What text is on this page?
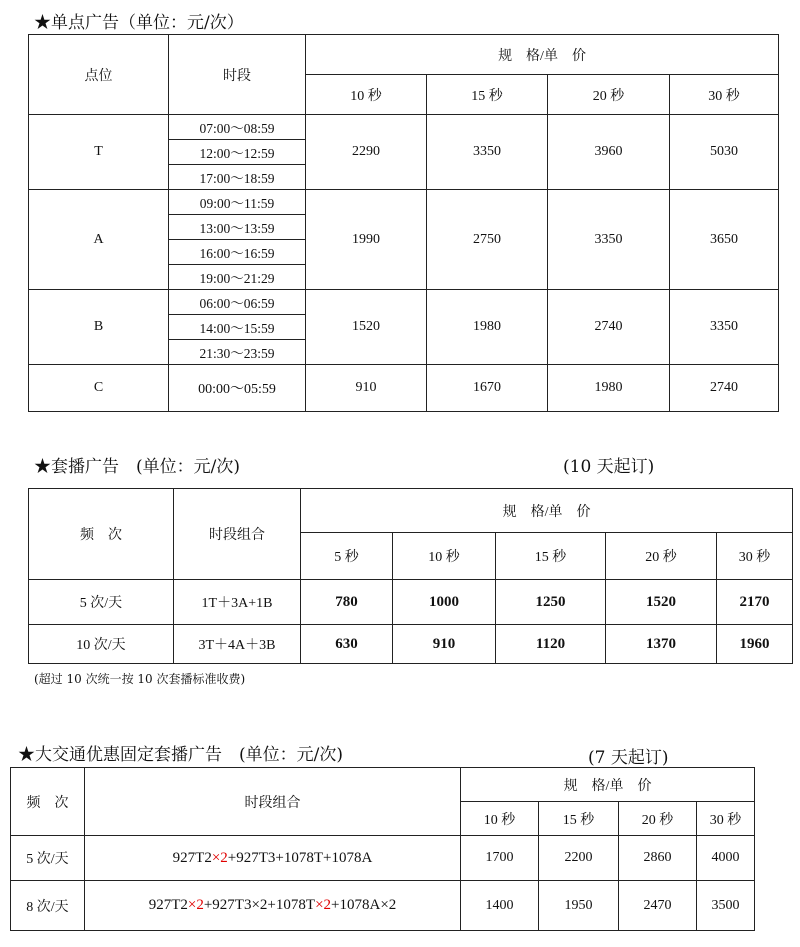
★单点广告（单位：元/次）
点位	时段	规　格/单　价			
		10 秒	15 秒	20 秒	30 秒
T	07:00～08:59	2290	3350	3960	5030
	12:00～12:59				
	17:00～18:59				
A	09:00～11:59	1990	2750	3350	3650
	13:00～13:59				
	16:00～16:59				
	19:00～21:29				
B	06:00～06:59	1520	1980	2740	3350
	14:00～15:59				
	21:30～23:59				
C	00:00～05:59	910	1670	1980	2740
★套播广告　(单位：元/次)	(10 天起订)
频　次	时段组合	规　格/单　价				
		5 秒	10 秒	15 秒	20 秒	30 秒
5 次/天	1T＋3A+1B	780	1000	1250	1520	2170
10 次/天	3T＋4A＋3B	630	910	1120	1370	1960
(超过 10 次统一按 10 次套播标准收费)
★大交通优惠固定套播广告　(单位：元/次)	(7 天起订)
频　次	时段组合	规　格/单　价			
		10 秒	15 秒	20 秒	30 秒
5 次/天	927T2×2+927T3+1078T+1078A	1700	2200	2860	4000
8 次/天	927T2×2+927T3×2+1078T×2+1078A×2	1400	1950	2470	3500
